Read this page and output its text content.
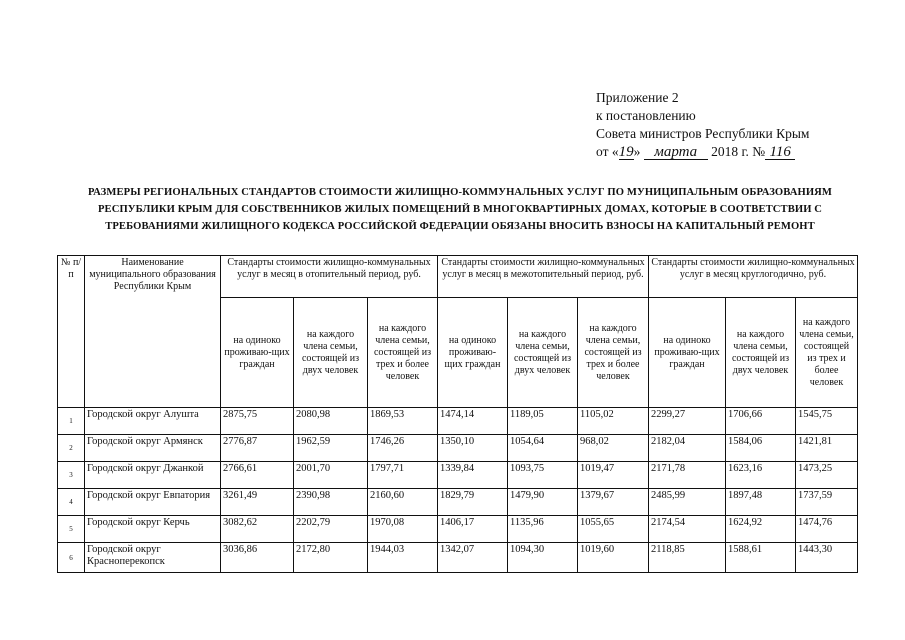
Приложение 2
к постановлению
Совета министров Республики Крым
от «19» марта 2018 г. № 116
РАЗМЕРЫ РЕГИОНАЛЬНЫХ СТАНДАРТОВ СТОИМОСТИ ЖИЛИЩНО-КОММУНАЛЬНЫХ УСЛУГ ПО МУНИЦИПАЛЬНЫМ ОБРАЗОВАНИЯМ РЕСПУБЛИКИ КРЫМ ДЛЯ СОБСТВЕННИКОВ ЖИЛЫХ ПОМЕЩЕНИЙ В МНОГОКВАРТИРНЫХ ДОМАХ, КОТОРЫЕ В СООТВЕТСТВИИ С ТРЕБОВАНИЯМИ ЖИЛИЩНОГО КОДЕКСА РОССИЙСКОЙ ФЕДЕРАЦИИ ОБЯЗАНЫ ВНОСИТЬ ВЗНОСЫ НА КАПИТАЛЬНЫЙ РЕМОНТ
№ п/п	Наименование муниципального образования Республики Крым	Стандарты стоимости жилищно-коммунальных услуг в месяц в отопительный период, руб.			Стандарты стоимости жилищно-коммунальных услуг в месяц в межотопительный период, руб.			Стандарты стоимости жилищно-коммунальных услуг в месяц круглогодично, руб.		
		на одиноко проживаю-щих граждан	на каждого члена семьи, состоящей из двух человек	на каждого члена семьи, состоящей из трех и более человек	на одиноко проживаю-щих граждан	на каждого члена семьи, состоящей из двух человек	на каждого члена семьи, состоящей из трех и более человек	на одиноко проживаю-щих граждан	на каждого члена семьи, состоящей из двух человек	на каждого члена семьи, состоящей из трех и более человек
1	Городской округ Алушта	2875,75	2080,98	1869,53	1474,14	1189,05	1105,02	2299,27	1706,66	1545,75
2	Городской округ Армянск	2776,87	1962,59	1746,26	1350,10	1054,64	968,02	2182,04	1584,06	1421,81
3	Городской округ Джанкой	2766,61	2001,70	1797,71	1339,84	1093,75	1019,47	2171,78	1623,16	1473,25
4	Городской округ Евпатория	3261,49	2390,98	2160,60	1829,79	1479,90	1379,67	2485,99	1897,48	1737,59
5	Городской округ Керчь	3082,62	2202,79	1970,08	1406,17	1135,96	1055,65	2174,54	1624,92	1474,76
6	Городской округ Красноперекопск	3036,86	2172,80	1944,03	1342,07	1094,30	1019,60	2118,85	1588,61	1443,30
